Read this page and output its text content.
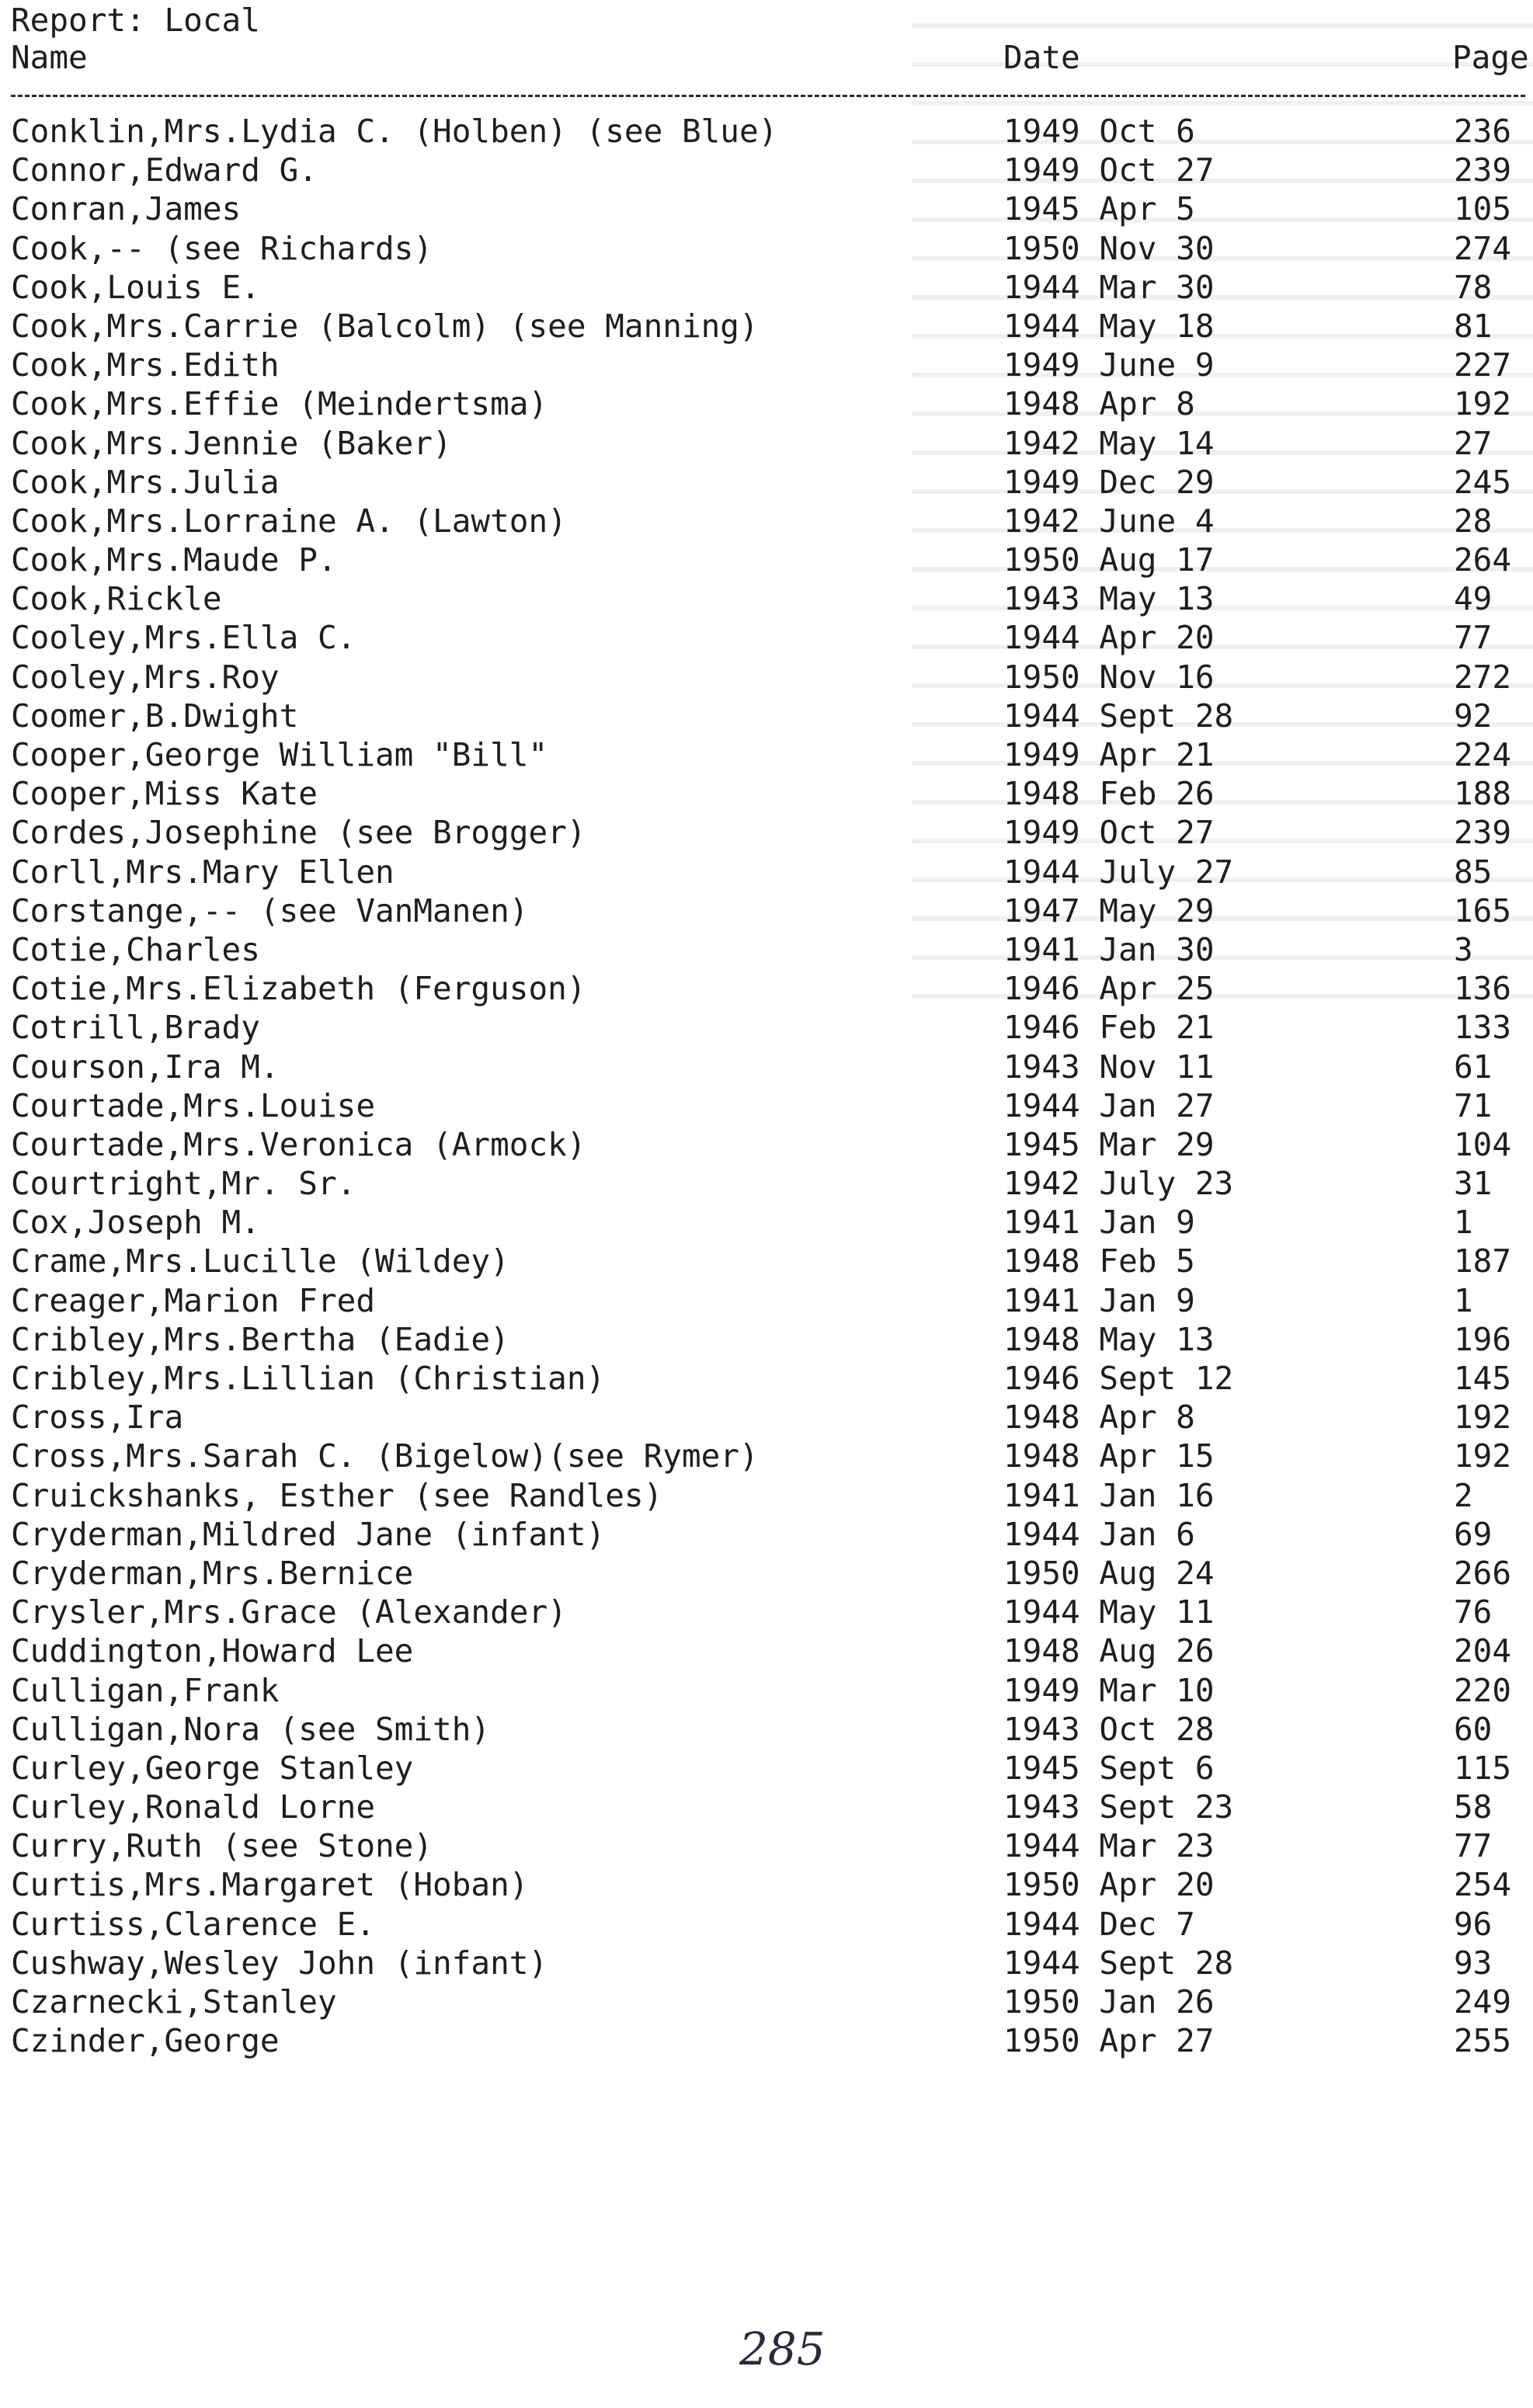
Report: Local
Name	Date	Page
Conklin,Mrs.Lydia C. (Holben) (see Blue)	1949 Oct 6	236
Connor,Edward G.	1949 Oct 27	239
Conran,James	1945 Apr 5	105
Cook,-- (see Richards)	1950 Nov 30	274
Cook,Louis E.	1944 Mar 30	78
Cook,Mrs.Carrie (Balcolm) (see Manning)	1944 May 18	81
Cook,Mrs.Edith	1949 June 9	227
Cook,Mrs.Effie (Meindertsma)	1948 Apr 8	192
Cook,Mrs.Jennie (Baker)	1942 May 14	27
Cook,Mrs.Julia	1949 Dec 29	245
Cook,Mrs.Lorraine A. (Lawton)	1942 June 4	28
Cook,Mrs.Maude P.	1950 Aug 17	264
Cook,Rickle	1943 May 13	49
Cooley,Mrs.Ella C.	1944 Apr 20	77
Cooley,Mrs.Roy	1950 Nov 16	272
Coomer,B.Dwight	1944 Sept 28	92
Cooper,George William "Bill"	1949 Apr 21	224
Cooper,Miss Kate	1948 Feb 26	188
Cordes,Josephine (see Brogger)	1949 Oct 27	239
Corll,Mrs.Mary Ellen	1944 July 27	85
Corstange,-- (see VanManen)	1947 May 29	165
Cotie,Charles	1941 Jan 30	3
Cotie,Mrs.Elizabeth (Ferguson)	1946 Apr 25	136
Cotrill,Brady	1946 Feb 21	133
Courson,Ira M.	1943 Nov 11	61
Courtade,Mrs.Louise	1944 Jan 27	71
Courtade,Mrs.Veronica (Armock)	1945 Mar 29	104
Courtright,Mr. Sr.	1942 July 23	31
Cox,Joseph M.	1941 Jan 9	1
Crame,Mrs.Lucille (Wildey)	1948 Feb 5	187
Creager,Marion Fred	1941 Jan 9	1
Cribley,Mrs.Bertha (Eadie)	1948 May 13	196
Cribley,Mrs.Lillian (Christian)	1946 Sept 12	145
Cross,Ira	1948 Apr 8	192
Cross,Mrs.Sarah C. (Bigelow)(see Rymer)	1948 Apr 15	192
Cruickshanks, Esther (see Randles)	1941 Jan 16	2
Cryderman,Mildred Jane (infant)	1944 Jan 6	69
Cryderman,Mrs.Bernice	1950 Aug 24	266
Crysler,Mrs.Grace (Alexander)	1944 May 11	76
Cuddington,Howard Lee	1948 Aug 26	204
Culligan,Frank	1949 Mar 10	220
Culligan,Nora (see Smith)	1943 Oct 28	60
Curley,George Stanley	1945 Sept 6	115
Curley,Ronald Lorne	1943 Sept 23	58
Curry,Ruth (see Stone)	1944 Mar 23	77
Curtis,Mrs.Margaret (Hoban)	1950 Apr 20	254
Curtiss,Clarence E.	1944 Dec 7	96
Cushway,Wesley John (infant)	1944 Sept 28	93
Czarnecki,Stanley	1950 Jan 26	249
Czinder,George	1950 Apr 27	255
285
